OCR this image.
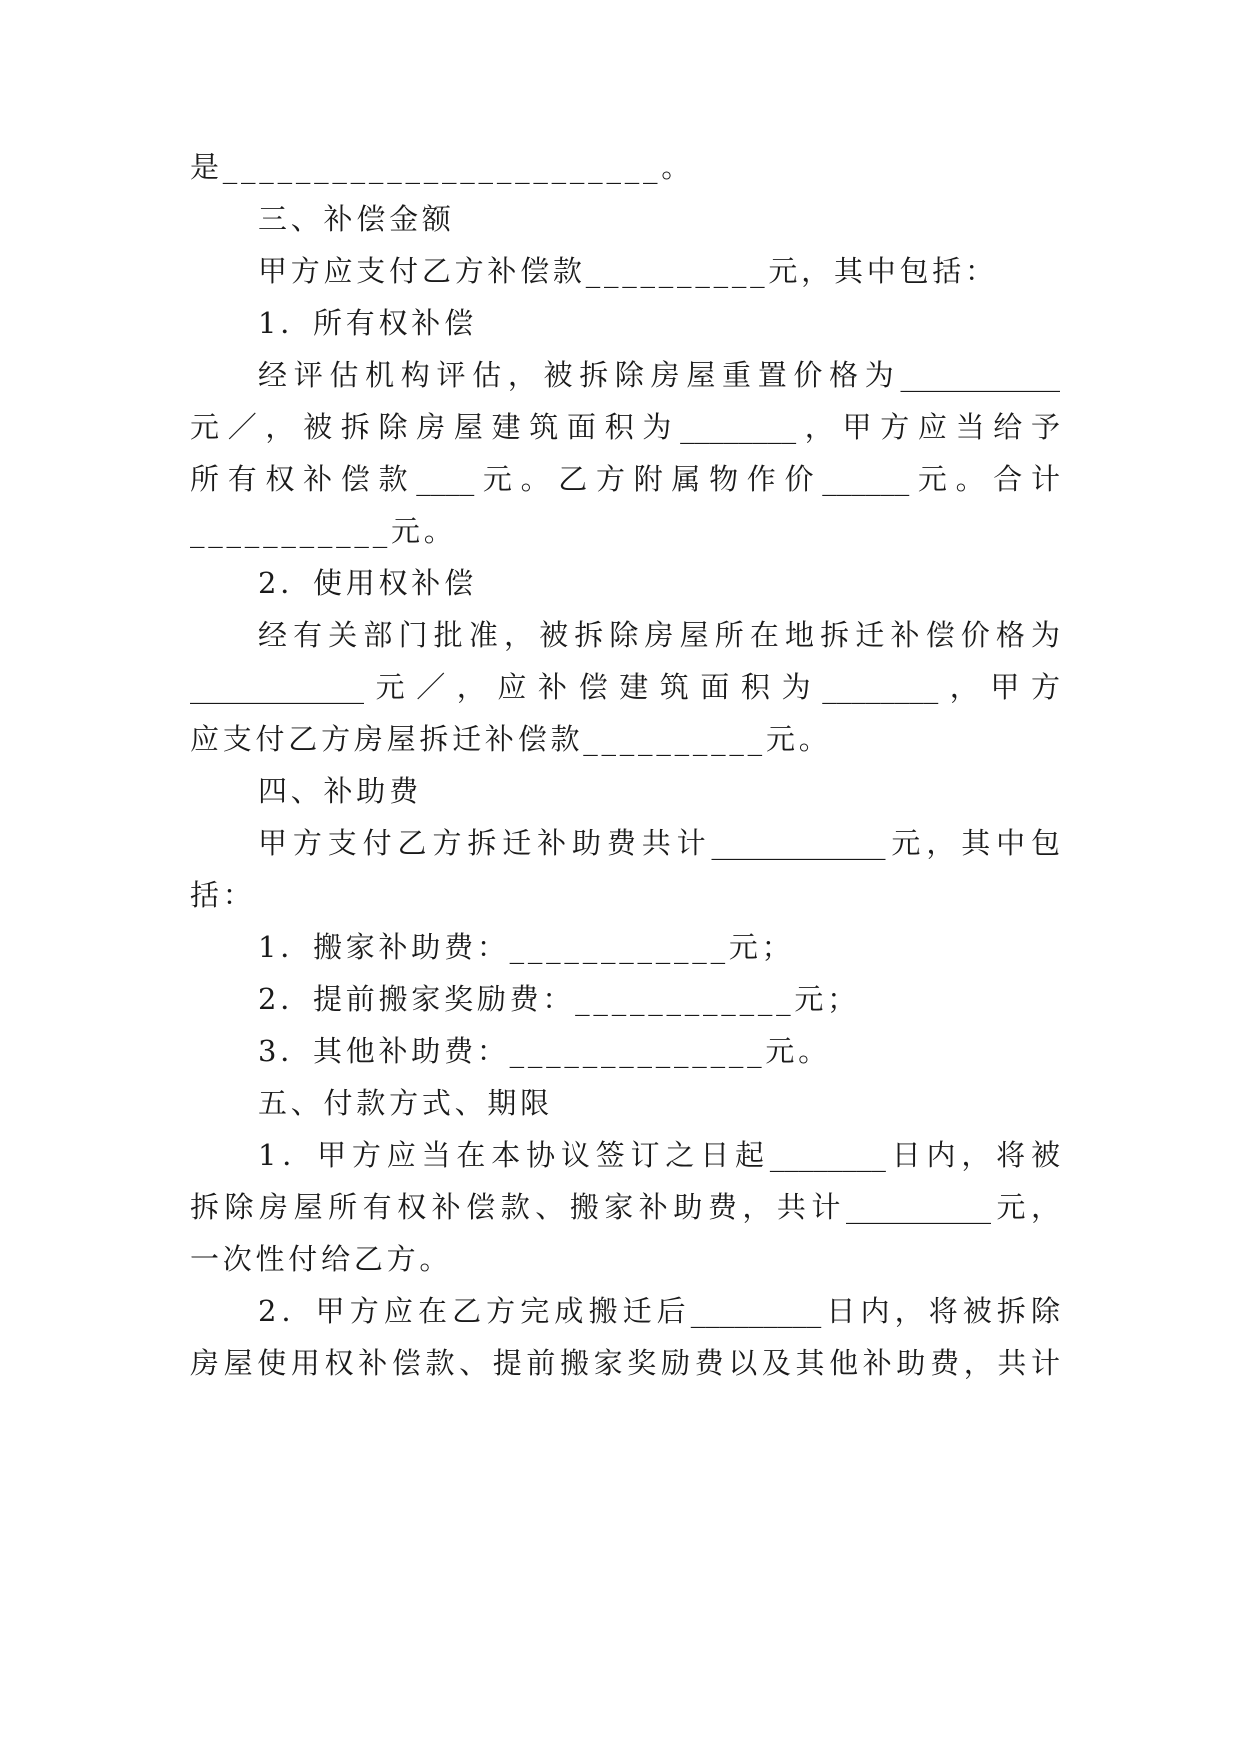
是________________________。
三、补偿金额
甲方应支付乙方补偿款__________元，其中包括：
1．所有权补偿
经评估机构评估，被拆除房屋重置价格为___________
元／，被拆除房屋建筑面积为________，甲方应当给予
所有权补偿款____元。乙方附属物作价______元。合计
___________元。
2．使用权补偿
经有关部门批准，被拆除房屋所在地拆迁补偿价格为
____________元／，应补偿建筑面积为________，甲方
应支付乙方房屋拆迁补偿款__________元。
四、补助费
甲方支付乙方拆迁补助费共计____________元，其中包
括：
1．搬家补助费：____________元；
2．提前搬家奖励费：____________元；
3．其他补助费：______________元。
五、付款方式、期限
1．甲方应当在本协议签订之日起________日内，将被
拆除房屋所有权补偿款、搬家补助费，共计__________元，
一次性付给乙方。
2．甲方应在乙方完成搬迁后_________日内，将被拆除
房屋使用权补偿款、提前搬家奖励费以及其他补助费，共计
